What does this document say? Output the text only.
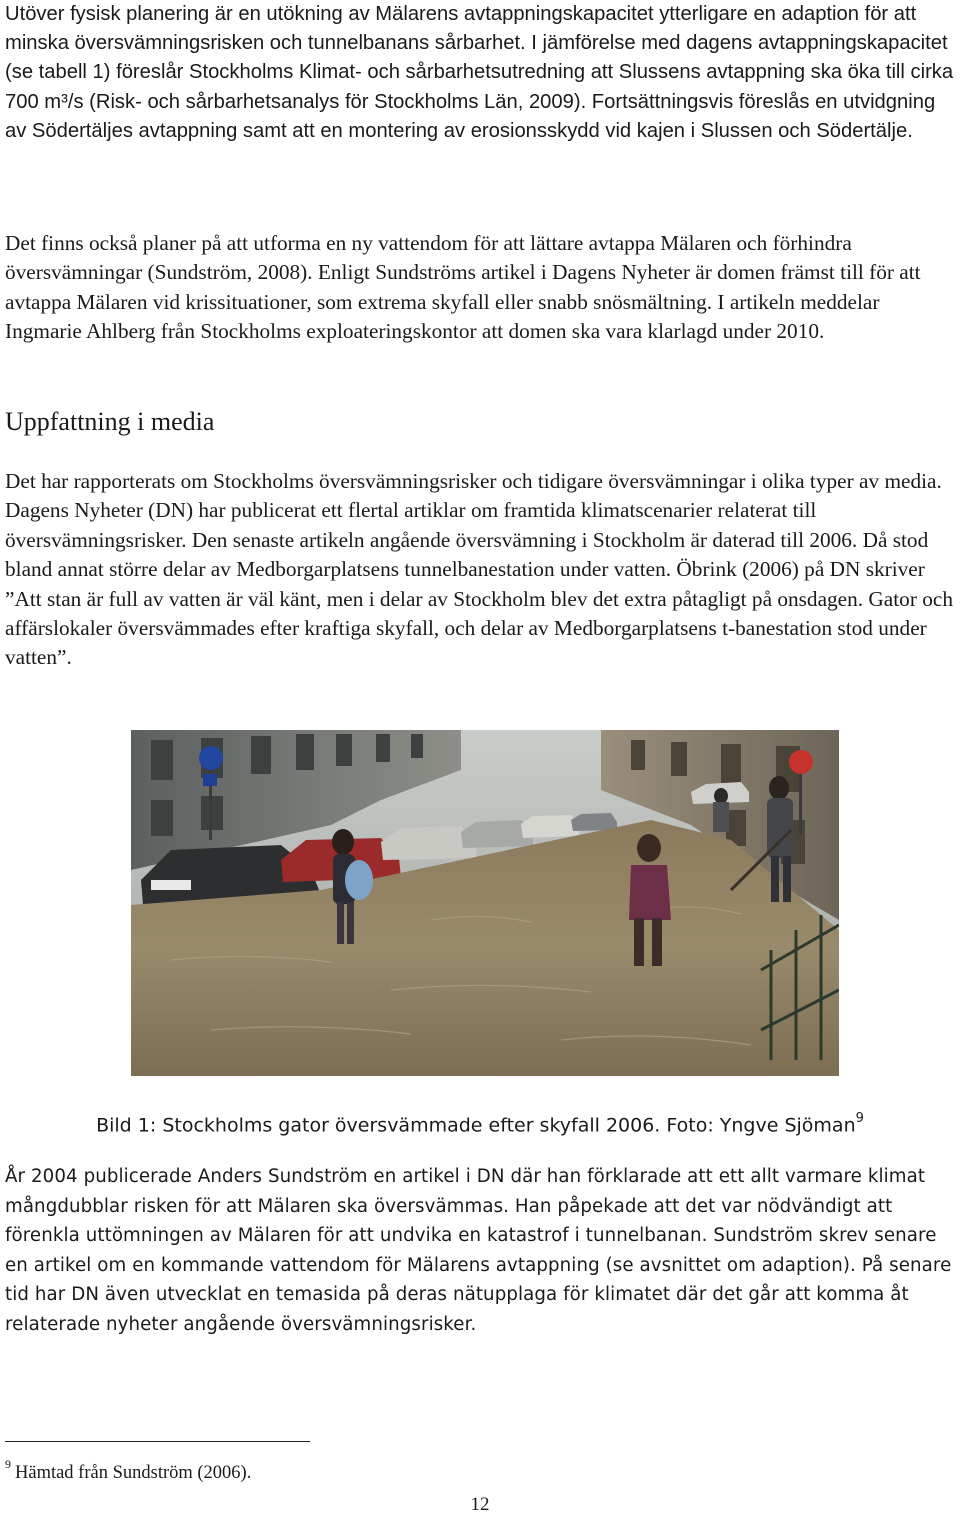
Utöver fysisk planering är en utökning av Mälarens avtappningskapacitet ytterligare en adaption för att minska översvämningsrisken och tunnelbanans sårbarhet. I jämförelse med dagens avtappningskapacitet (se tabell 1) föreslår Stockholms Klimat- och sårbarhetsutredning att Slussens avtappning ska öka till cirka 700 m³/s (Risk- och sårbarhetsanalys för Stockholms Län, 2009). Fortsättningsvis föreslås en utvidgning av Södertäljes avtappning samt att en montering av erosionsskydd vid kajen i Slussen och Södertälje.

Det finns också planer på att utforma en ny vattendom för att lättare avtappa Mälaren och förhindra översvämningar (Sundström, 2008). Enligt Sundströms artikel i Dagens Nyheter är domen främst till för att avtappa Mälaren vid krissituationer, som extrema skyfall eller snabb snösmältning. I artikeln meddelar Ingmarie Ahlberg från Stockholms exploateringskontor att domen ska vara klarlagd under 2010.

Uppfattning i media

Det har rapporterats om Stockholms översvämningsrisker och tidigare översvämningar i olika typer av media. Dagens Nyheter (DN) har publicerat ett flertal artiklar om framtida klimatscenarier relaterat till översvämningsrisker. Den senaste artikeln angående översvämning i Stockholm är daterad till 2006. Då stod bland annat större delar av Medborgarplatsens tunnelbanestation under vatten. Öbrink (2006) på DN skriver ”Att stan är full av vatten är väl känt, men i delar av Stockholm blev det extra påtagligt på onsdagen. Gator och affärslokaler översvämmades efter kraftiga skyfall, och delar av Medborgarplatsens t-banestation stod under vatten”.

Bild 1: Stockholms gator översvämmade efter skyfall 2006. Foto: Yngve Sjöman$^9$

År 2004 publicerade Anders Sundström en artikel i DN där han förklarade att ett allt varmare klimat mångdubblar risken för att Mälaren ska översvämmas. Han påpekade att det var nödvändigt att förenkla uttömningen av Mälaren för att undvika en katastrof i tunnelbanan. Sundström skrev senare en artikel om en kommande vattendom för Mälarens avtappning (se avsnittet om adaption). På senare tid har DN även utvecklat en temasida på deras nätupplaga för klimatet där det går att komma åt relaterade nyheter angående översvämningsrisker.

$^9$ Hämtad från Sundström (2006).

12
